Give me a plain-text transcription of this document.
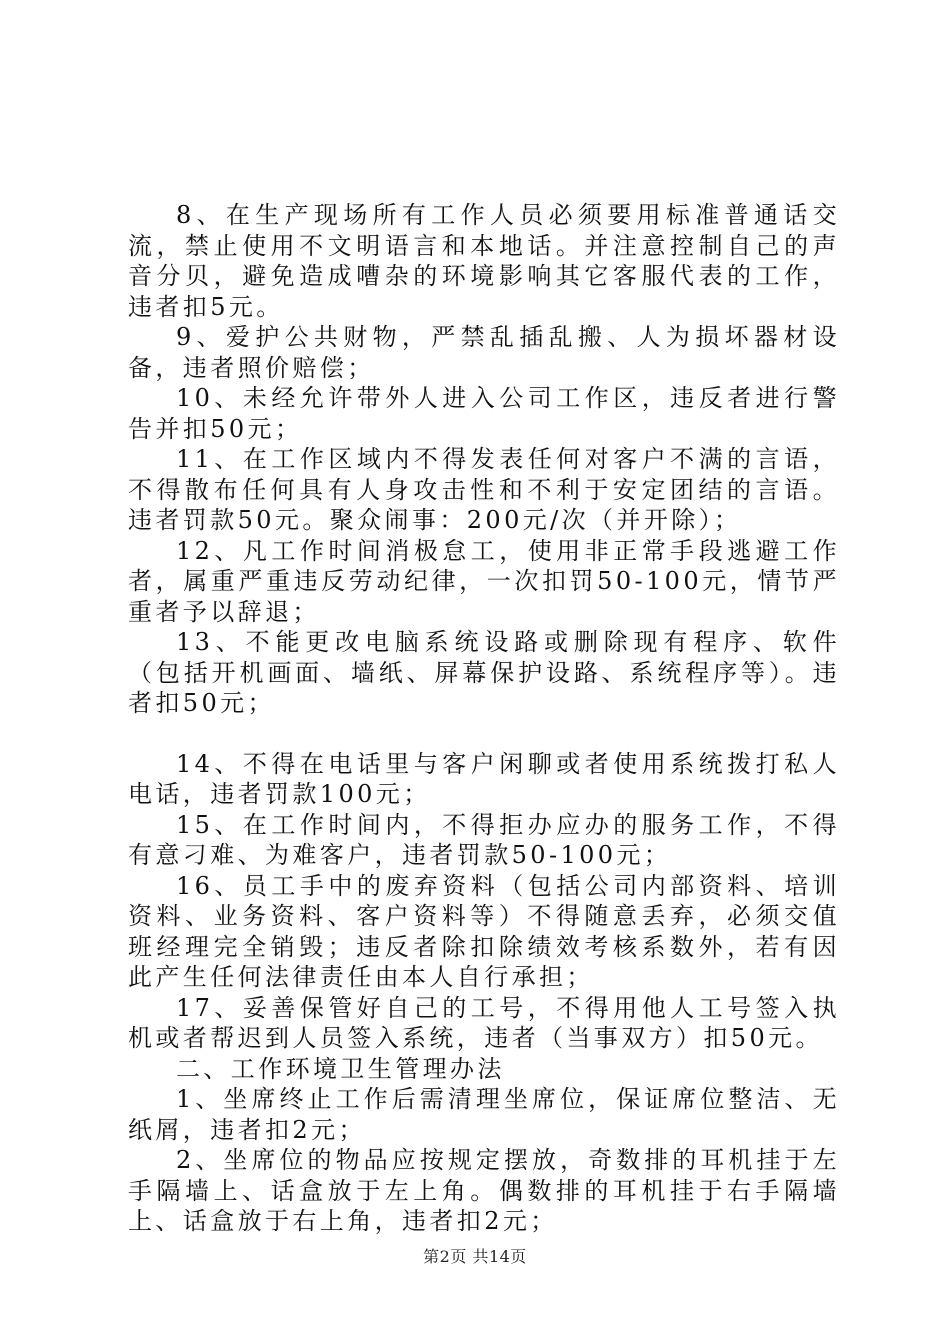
8、在生产现场所有工作人员必须要用标准普通话交流，禁止使用不文明语言和本地话。并注意控制自己的声音分贝，避免造成嘈杂的环境影响其它客服代表的工作，违者扣5元。

9、爱护公共财物，严禁乱插乱搬、人为损坏器材设备，违者照价赔偿；

10、未经允许带外人进入公司工作区，违反者进行警告并扣50元；

11、在工作区域内不得发表任何对客户不满的言语，不得散布任何具有人身攻击性和不利于安定团结的言语。违者罚款50元。聚众闹事：200元/次（并开除）；

12、凡工作时间消极怠工，使用非正常手段逃避工作者，属重严重违反劳动纪律，一次扣罚50-100元，情节严重者予以辞退；

13、不能更改电脑系统设路或删除现有程序、软件（包括开机画面、墙纸、屏幕保护设路、系统程序等）。违者扣50元；

14、不得在电话里与客户闲聊或者使用系统拨打私人电话，违者罚款100元；

15、在工作时间内，不得拒办应办的服务工作，不得有意刁难、为难客户，违者罚款50-100元；

16、员工手中的废弃资料（包括公司内部资料、培训资料、业务资料、客户资料等）不得随意丢弃，必须交值班经理完全销毁；违反者除扣除绩效考核系数外，若有因此产生任何法律责任由本人自行承担；

17、妥善保管好自己的工号，不得用他人工号签入执机或者帮迟到人员签入系统，违者（当事双方）扣50元。

二、工作环境卫生管理办法

1、坐席终止工作后需清理坐席位，保证席位整洁、无纸屑，违者扣2元；

2、坐席位的物品应按规定摆放，奇数排的耳机挂于左手隔墙上、话盒放于左上角。偶数排的耳机挂于右手隔墙上、话盒放于右上角，违者扣2元；

第2页 共14页
